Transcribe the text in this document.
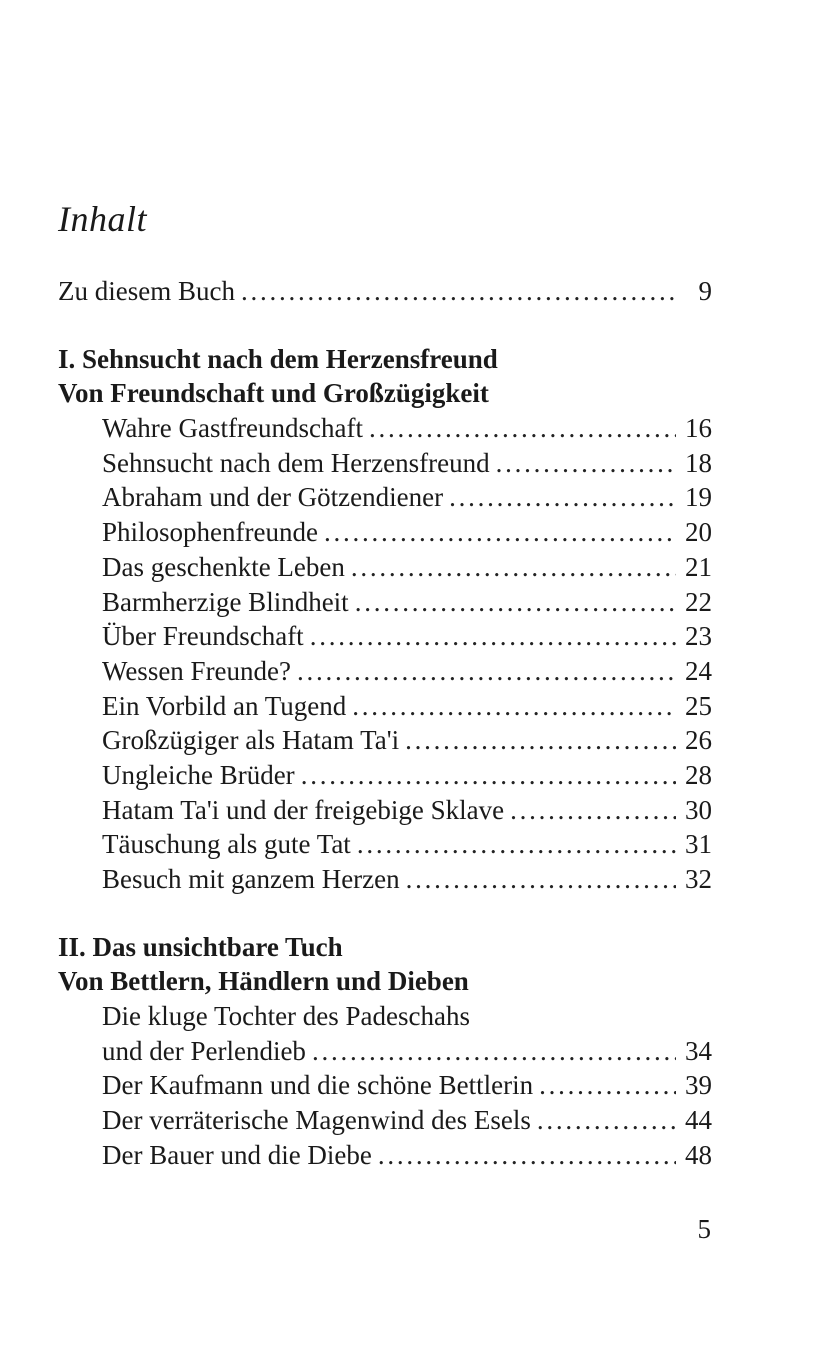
Inhalt
Zu diesem Buch . . .	9
I. Sehnsucht nach dem Herzensfreund
Von Freundschaft und Großzügigkeit
Wahre Gastfreundschaft . . .	16
Sehnsucht nach dem Herzensfreund . . .	18
Abraham und der Götzendiener . . .	19
Philosophenfreunde . . .	20
Das geschenkte Leben . . .	21
Barmherzige Blindheit . . .	22
Über Freundschaft . . .	23
Wessen Freunde? . . .	24
Ein Vorbild an Tugend . . .	25
Großzügiger als Hatam Ta'i . . .	26
Ungleiche Brüder . . .	28
Hatam Ta'i und der freigebige Sklave . . .	30
Täuschung als gute Tat . . .	31
Besuch mit ganzem Herzen . . .	32
II. Das unsichtbare Tuch
Von Bettlern, Händlern und Dieben
Die kluge Tochter des Padeschahs
und der Perlendieb . . .	34
Der Kaufmann und die schöne Bettlerin . . .	39
Der verräterische Magenwind des Esels . . .	44
Der Bauer und die Diebe . . .	48
5
